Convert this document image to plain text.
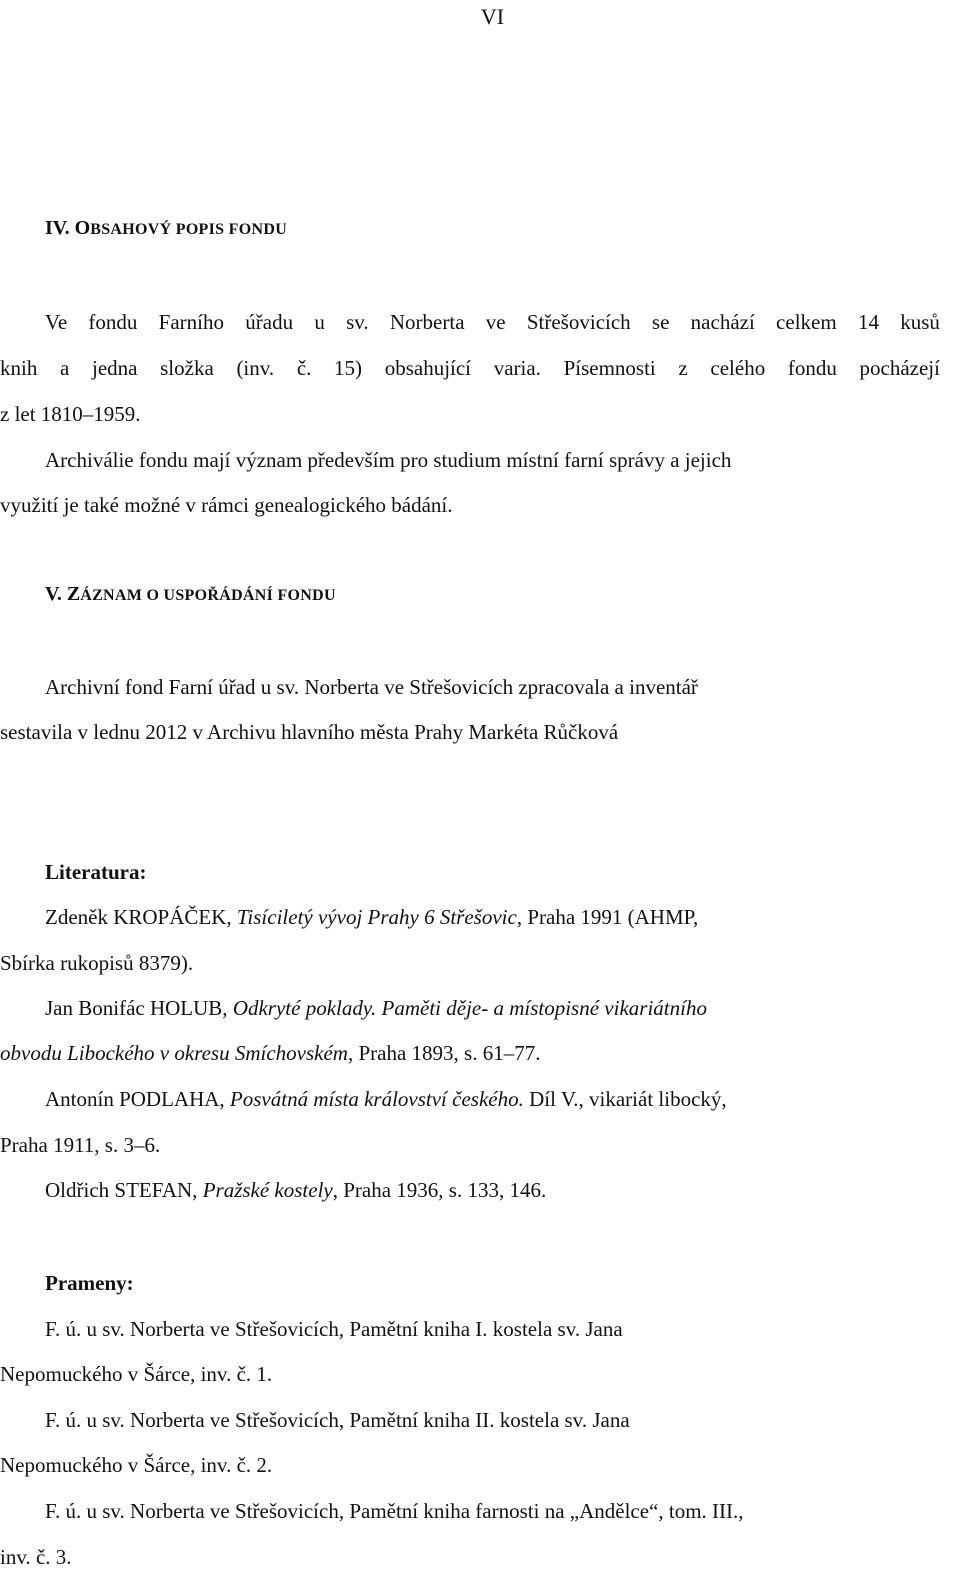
VI
IV. OBSAHOVÝ POPIS FONDU
Ve fondu Farního úřadu u sv. Norberta ve Střešovicích se nachází celkem 14 kusů
knih a jedna složka (inv. č. 15) obsahující varia. Písemnosti z celého fondu pocházejí
z let 1810–1959.
Archiválie fondu mají význam především pro studium místní farní správy a jejich
využití je také možné v rámci genealogického bádání.
V. ZÁZNAM O USPOŘÁDÁNÍ FONDU
Archivní fond Farní úřad u sv. Norberta ve Střešovicích zpracovala a inventář
sestavila v lednu 2012 v Archivu hlavního města Prahy Markéta Růčková
Literatura:
Zdeněk KROPÁČEK, Tisíciletý vývoj Prahy 6 Střešovic, Praha 1991 (AHMP,
Sbírka rukopisů 8379).
Jan Bonifác HOLUB, Odkryté poklady. Paměti děje- a místopisné vikariátního
obvodu Libockého v okresu Smíchovském, Praha 1893, s. 61–77.
Antonín PODLAHA, Posvátná místa království českého. Díl V., vikariát libocký,
Praha 1911, s. 3–6.
Oldřich STEFAN, Pražské kostely, Praha 1936, s. 133, 146.
Prameny:
F. ú. u sv. Norberta ve Střešovicích, Pamětní kniha I. kostela sv. Jana
Nepomuckého v Šárce, inv. č. 1.
F. ú. u sv. Norberta ve Střešovicích, Pamětní kniha II. kostela sv. Jana
Nepomuckého v Šárce, inv. č. 2.
F. ú. u sv. Norberta ve Střešovicích, Pamětní kniha farnosti na „Andělce“, tom. III.,
inv. č. 3.
